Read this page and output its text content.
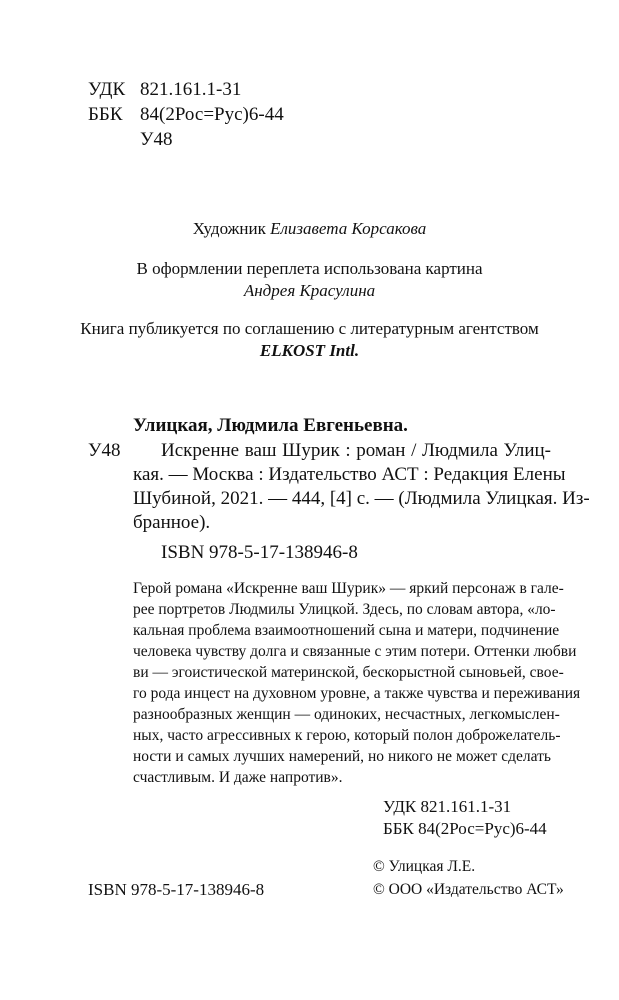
УДК 821.161.1-31
ББК 84(2Рос=Рус)6-44
У48
Художник Елизавета Корсакова
В оформлении переплета использована картина
Андрея Красулина
Книга публикуется по соглашению с литературным агентством
ELKOST Intl.
Улицкая, Людмила Евгеньевна.
У48	Искренне ваш Шурик : роман / Людмила Улиц-
кая. — Москва : Издательство АСТ : Редакция Елены
Шубиной, 2021. — 444, [4] с. — (Людмила Улицкая. Из-
бранное).
ISBN 978-5-17-138946-8
Герой романа «Искренне ваш Шурик» — яркий персонаж в гале-
рее портретов Людмилы Улицкой. Здесь, по словам автора, «ло-
кальная проблема взаимоотношений сына и матери, подчинение
человека чувству долга и связанные с этим потери. Оттенки любви
ви — эгоистической материнской, бескорыстной сыновьей, свое-
го рода инцест на духовном уровне, а также чувства и переживания
разнообразных женщин — одиноких, несчастных, легкомыслен-
ных, часто агрессивных к герою, который полон доброжелатель-
ности и самых лучших намерений, но никого не может сделать
счастливым. И даже напротив».
УДК 821.161.1-31
ББК 84(2Рос=Рус)6-44
© Улицкая Л.Е.
© ООО «Издательство АСТ»
ISBN 978-5-17-138946-8
